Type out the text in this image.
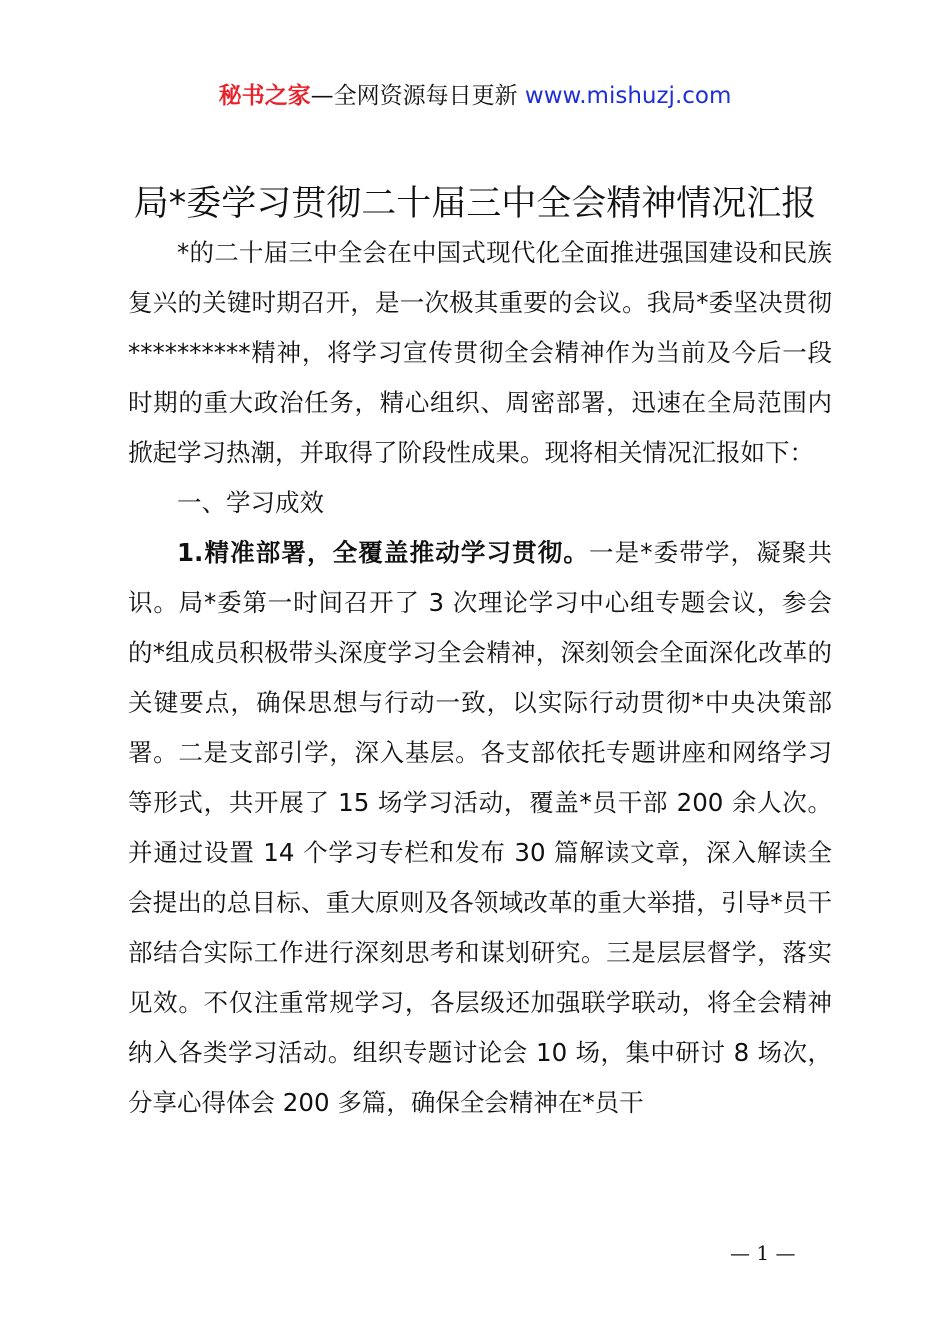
秘书之家—全网资源每日更新 www.mishuzj.com
局*委学习贯彻二十届三中全会精神情况汇报

*的二十届三中全会在中国式现代化全面推进强国建设和民族复兴的关键时期召开，是一次极其重要的会议。我局*委坚决贯彻**********精神，将学习宣传贯彻全会精神作为当前及今后一段时期的重大政治任务，精心组织、周密部署，迅速在全局范围内掀起学习热潮，并取得了阶段性成果。现将相关情况汇报如下：

一、学习成效

1.精准部署，全覆盖推动学习贯彻。一是*委带学，凝聚共识。局*委第一时间召开了 3 次理论学习中心组专题会议，参会的*组成员积极带头深度学习全会精神，深刻领会全面深化改革的关键要点，确保思想与行动一致，以实际行动贯彻*中央决策部署。二是支部引学，深入基层。各支部依托专题讲座和网络学习等形式，共开展了 15 场学习活动，覆盖*员干部 200 余人次。并通过设置 14 个学习专栏和发布 30 篇解读文章，深入解读全会提出的总目标、重大原则及各领域改革的重大举措，引导*员干部结合实际工作进行深刻思考和谋划研究。三是层层督学，落实见效。不仅注重常规学习，各层级还加强联学联动，将全会精神纳入各类学习活动。组织专题讨论会 10 场，集中研讨 8 场次，分享心得体会 200 多篇，确保全会精神在*员干

— 1 —
